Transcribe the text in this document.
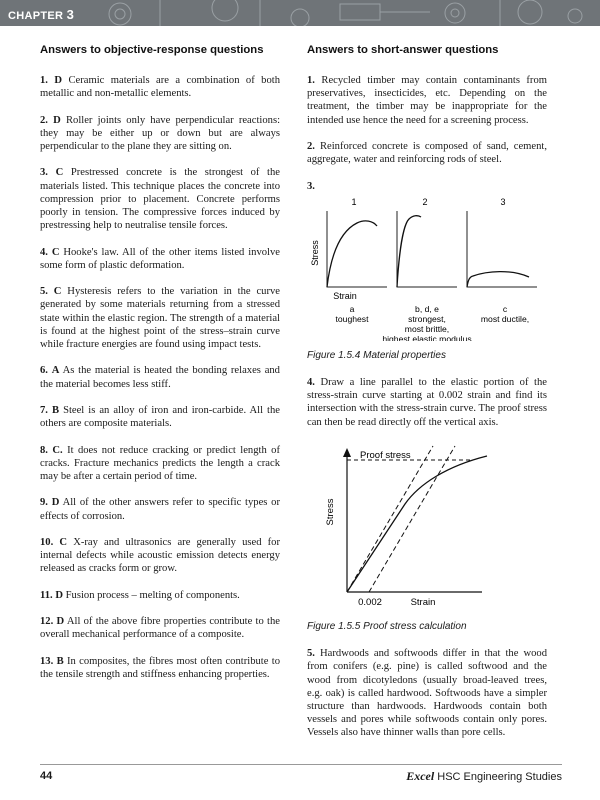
CHAPTER 3
Answers to objective-response questions

1. D Ceramic materials are a combination of both metallic and non-metallic elements.

2. D Roller joints only have perpendicular reactions: they may be either up or down but are always perpendicular to the plane they are sitting on.

3. C Prestressed concrete is the strongest of the materials listed. This technique places the concrete into compression prior to placement. Concrete performs poorly in tension. The compressive forces induced by prestressing help to neutralise tensile forces.

4. C Hooke's law. All of the other items listed involve some form of plastic deformation.

5. C Hysteresis refers to the variation in the curve generated by some materials returning from a stressed state within the elastic region. The strength of a material is found at the highest point of the stress–strain curve while fracture energies are found using impact tests.

6. A As the material is heated the bonding relaxes and the material becomes less stiff.

7. B Steel is an alloy of iron and iron-carbide. All the others are composite materials.

8. C. It does not reduce cracking or predict length of cracks. Fracture mechanics predicts the length a crack may be after a certain period of time.

9. D All of the other answers refer to specific types or effects of corrosion.

10. C X-ray and ultrasonics are generally used for internal defects while acoustic emission detects energy released as cracks form or grow.

11. D Fusion process – melting of components.

12. D All of the above fibre properties contribute to the overall mechanical performance of a composite.

13. B In composites, the fibres most often contribute to the tensile strength and stiffness enhancing properties.

Answers to short-answer questions

1. Recycled timber may contain contaminants from preservatives, insecticides, etc. Depending on the treatment, the timber may be inappropriate for the intended use hence the need for a screening process.

2. Reinforced concrete is composed of sand, cement, aggregate, water and reinforcing rods of steel.

3.

1	2	3
Stress
Strain
a
toughest
b, d, e
strongest,
most brittle,
highest elastic modulus
c
most ductile,

Figure 1.5.4 Material properties

4. Draw a line parallel to the elastic portion of the stress-strain curve starting at 0.002 strain and find its intersection with the stress-strain curve. The proof stress can then be read directly off the vertical axis.

Stress
Proof stress
0.002	Strain

Figure 1.5.5 Proof stress calculation

5. Hardwoods and softwoods differ in that the wood from conifers (e.g. pine) is called softwood and the wood from dicotyledons (usually broad-leaved trees, e.g. oak) is called hardwood. Softwoods have a simpler structure than hardwoods. Hardwoods contain both vessels and pores while softwoods contain only pores. Vessels also have thinner walls than pore cells.

44	Excel HSC Engineering Studies
